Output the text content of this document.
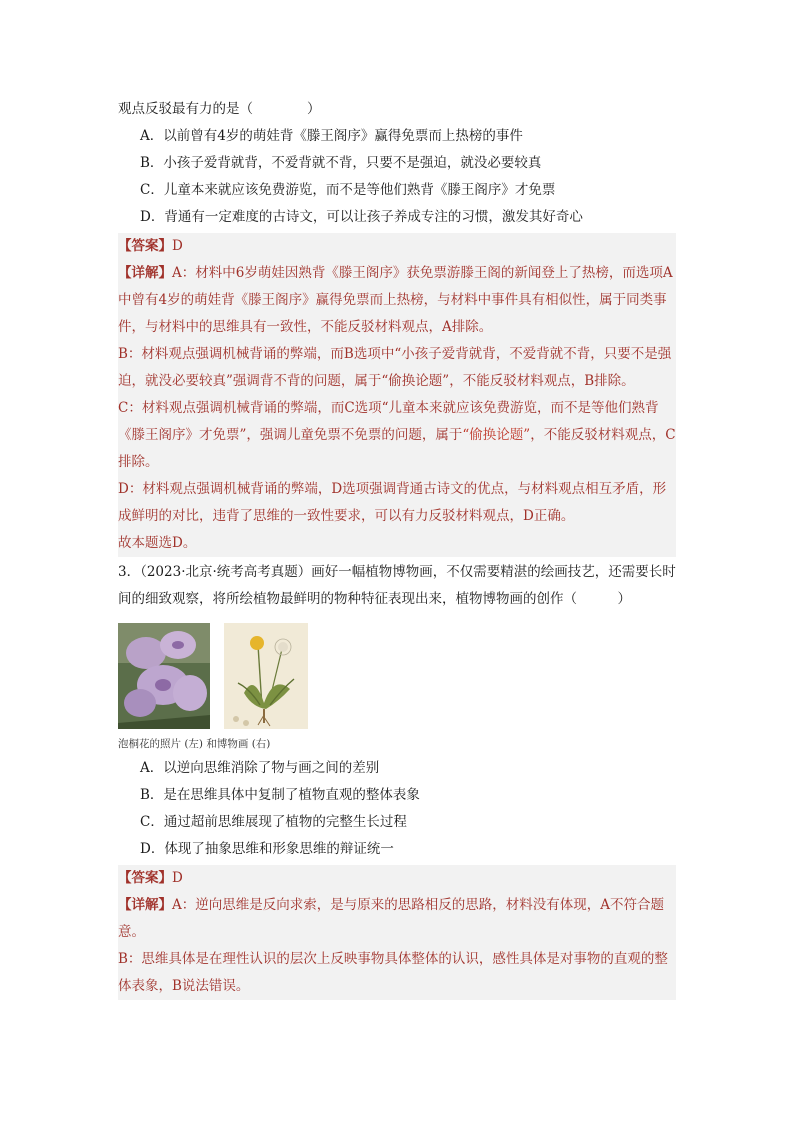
观点反驳最有力的是（　　　　）
A．以前曾有4岁的萌娃背《滕王阁序》赢得免票而上热榜的事件
B．小孩子爱背就背，不爱背就不背，只要不是强迫，就没必要较真
C．儿童本来就应该免费游览，而不是等他们熟背《滕王阁序》才免票
D．背通有一定难度的古诗文，可以让孩子养成专注的习惯，激发其好奇心
【答案】D
【详解】A：材料中6岁萌娃因熟背《滕王阁序》获免票游滕王阁的新闻登上了热榜，而选项A中曾有4岁的萌娃背《滕王阁序》赢得免票而上热榜，与材料中事件具有相似性，属于同类事件，与材料中的思维具有一致性，不能反驳材料观点，A排除。
B：材料观点强调机械背诵的弊端，而B选项中“小孩子爱背就背，不爱背就不背，只要不是强迫，就没必要较真”强调背不背的问题，属于“偷换论题”，不能反驳材料观点，B排除。
C：材料观点强调机械背诵的弊端，而C选项“儿童本来就应该免费游览，而不是等他们熟背《滕王阁序》才免票”，强调儿童免票不免票的问题，属于“偷换论题”，不能反驳材料观点，C排除。
D：材料观点强调机械背诵的弊端，D选项强调背通古诗文的优点，与材料观点相互矛盾，形成鲜明的对比，违背了思维的一致性要求，可以有力反驳材料观点，D正确。
故本题选D。
3．（2023·北京·统考高考真题）画好一幅植物博物画，不仅需要精湛的绘画技艺，还需要长时间的细致观察，将所绘植物最鲜明的物种特征表现出来，植物博物画的创作（　　　）
泡桐花的照片 (左) 和博物画 (右)
A．以逆向思维消除了物与画之间的差别
B．是在思维具体中复制了植物直观的整体表象
C．通过超前思维展现了植物的完整生长过程
D．体现了抽象思维和形象思维的辩证统一
【答案】D
【详解】A：逆向思维是反向求索，是与原来的思路相反的思路，材料没有体现，A不符合题意。
B：思维具体是在理性认识的层次上反映事物具体整体的认识，感性具体是对事物的直观的整体表象，B说法错误。
